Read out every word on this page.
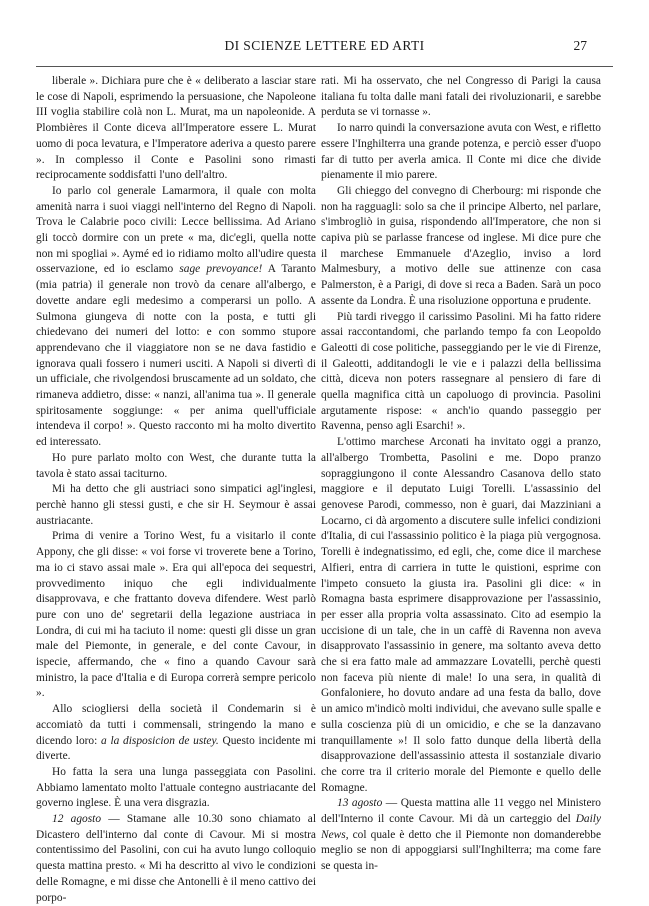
DI SCIENZE LETTERE ED ARTI	27

liberale ». Dichiara pure che è « deliberato a lasciar stare le cose di Napoli, esprimendo la persuasione, che Napoleone III voglia stabilire colà non L. Murat, ma un napoleonide. A Plombières il Conte diceva all'Imperatore essere L. Murat uomo di poca levatura, e l'Imperatore aderiva a questo parere ». In complesso il Conte e Pasolini sono rimasti reciprocamente soddisfatti l'uno dell'altro.

Io parlo col generale Lamarmora, il quale con molta amenità narra i suoi viaggi nell'interno del Regno di Napoli. Trova le Calabrie poco civili: Lecce bellissima. Ad Ariano gli toccò dormire con un prete « ma, dic'egli, quella notte non mi spogliai ». Aymé ed io ridiamo molto all'udire questa osservazione, ed io esclamo sage prevoyance! A Taranto (mia patria) il generale non trovò da cenare all'albergo, e dovette andare egli medesimo a comperarsi un pollo. A Sulmona giungeva di notte con la posta, e tutti gli chiedevano dei numeri del lotto: e con sommo stupore apprendevano che il viaggiatore non se ne dava fastidio e ignorava quali fossero i numeri usciti. A Napoli si divertì di un ufficiale, che rivolgendosi bruscamente ad un soldato, che rimaneva addietro, disse: « nanzi, all'anima tua ». Il generale spiritosamente soggiunge: « per anima quell'ufficiale intendeva il corpo! ». Questo racconto mi ha molto divertito ed interessato.

Ho pure parlato molto con West, che durante tutta la tavola è stato assai taciturno.

Mi ha detto che gli austriaci sono simpatici agl'inglesi, perchè hanno gli stessi gusti, e che sir H. Seymour è assai austriacante.

Prima di venire a Torino West, fu a visitarlo il conte Appony, che gli disse: « voi forse vi troverete bene a Torino, ma io ci stavo assai male ». Era qui all'epoca dei sequestri, provvedimento iniquo che egli individualmente disapprovava, e che frattanto doveva difendere. West parlò pure con uno de' segretarii della legazione austriaca in Londra, di cui mi ha taciuto il nome: questi gli disse un gran male del Piemonte, in generale, e del conte Cavour, in ispecie, affermando, che « fino a quando Cavour sarà ministro, la pace d'Italia e di Europa correrà sempre pericolo ».

Allo sciogliersi della società il Condemarin si è accomiatò da tutti i commensali, stringendo la mano e dicendo loro: a la disposicion de ustey. Questo incidente mi diverte.

Ho fatta la sera una lunga passeggiata con Pasolini. Abbiamo lamentato molto l'attuale contegno austriacante del governo inglese. È una vera disgrazia.

12 agosto — Stamane alle 10.30 sono chiamato al Dicastero dell'interno dal conte di Cavour. Mi si mostra contentissimo del Pasolini, con cui ha avuto lungo colloquio questa mattina presto. « Mi ha descritto al vivo le condizioni delle Romagne, e mi disse che Antonelli è il meno cattivo dei porpo-

rati. Mi ha osservato, che nel Congresso di Parigi la causa italiana fu tolta dalle mani fatali dei rivoluzionarii, e sarebbe perduta se vi tornasse ».

Io narro quindi la conversazione avuta con West, e rifletto essere l'Inghilterra una grande potenza, e perciò esser d'uopo far di tutto per averla amica. Il Conte mi dice che divide pienamente il mio parere.

Gli chieggo del convegno di Cherbourg: mi risponde che non ha ragguagli: solo sa che il principe Alberto, nel parlare, s'imbrogliò in guisa, rispondendo all'Imperatore, che non si capiva più se parlasse francese od inglese. Mi dice pure che il marchese Emmanuele d'Azeglio, inviso a lord Malmesbury, a motivo delle sue attinenze con casa Palmerston, è a Parigi, di dove si reca a Baden. Sarà un poco assente da Londra. È una risoluzione opportuna e prudente.

Più tardi riveggo il carissimo Pasolini. Mi ha fatto ridere assai raccontandomi, che parlando tempo fa con Leopoldo Galeotti di cose politiche, passeggiando per le vie di Firenze, il Galeotti, additandogli le vie e i palazzi della bellissima città, diceva non poters rassegnare al pensiero di fare di quella magnifica città un capoluogo di provincia. Pasolini argutamente rispose: « anch'io quando passeggio per Ravenna, penso agli Esarchi! ».

L'ottimo marchese Arconati ha invitato oggi a pranzo, all'albergo Trombetta, Pasolini e me. Dopo pranzo sopraggiungono il conte Alessandro Casanova dello stato maggiore e il deputato Luigi Torelli. L'assassinio del genovese Parodi, commesso, non è guari, dai Mazziniani a Locarno, ci dà argomento a discutere sulle infelici condizioni d'Italia, di cui l'assassinio politico è la piaga più vergognosa. Torelli è indegnatissimo, ed egli, che, come dice il marchese Alfieri, entra di carriera in tutte le quistioni, esprime con l'impeto consueto la giusta ira. Pasolini gli dice: « in Romagna basta esprimere disapprovazione per l'assassinio, per esser alla propria volta assassinato. Cito ad esempio la uccisione di un tale, che in un caffè di Ravenna non aveva disapprovato l'assassinio in genere, ma soltanto aveva detto che si era fatto male ad ammazzare Lovatelli, perchè questi non faceva più niente di male! Io una sera, in qualità di Gonfaloniere, ho dovuto andare ad una festa da ballo, dove un amico m'indicò molti individui, che avevano sulle spalle e sulla coscienza più di un omicidio, e che se la danzavano tranquillamente »! Il solo fatto dunque della libertà della disapprovazione dell'assassinio attesta il sostanziale divario che corre tra il criterio morale del Piemonte e quello delle Romagne.

13 agosto — Questa mattina alle 11 veggo nel Ministero dell'Interno il conte Cavour. Mi dà un carteggio del Daily News, col quale è detto che il Piemonte non domanderebbe meglio se non di appoggiarsi sull'Inghilterra; ma come fare se questa in-
